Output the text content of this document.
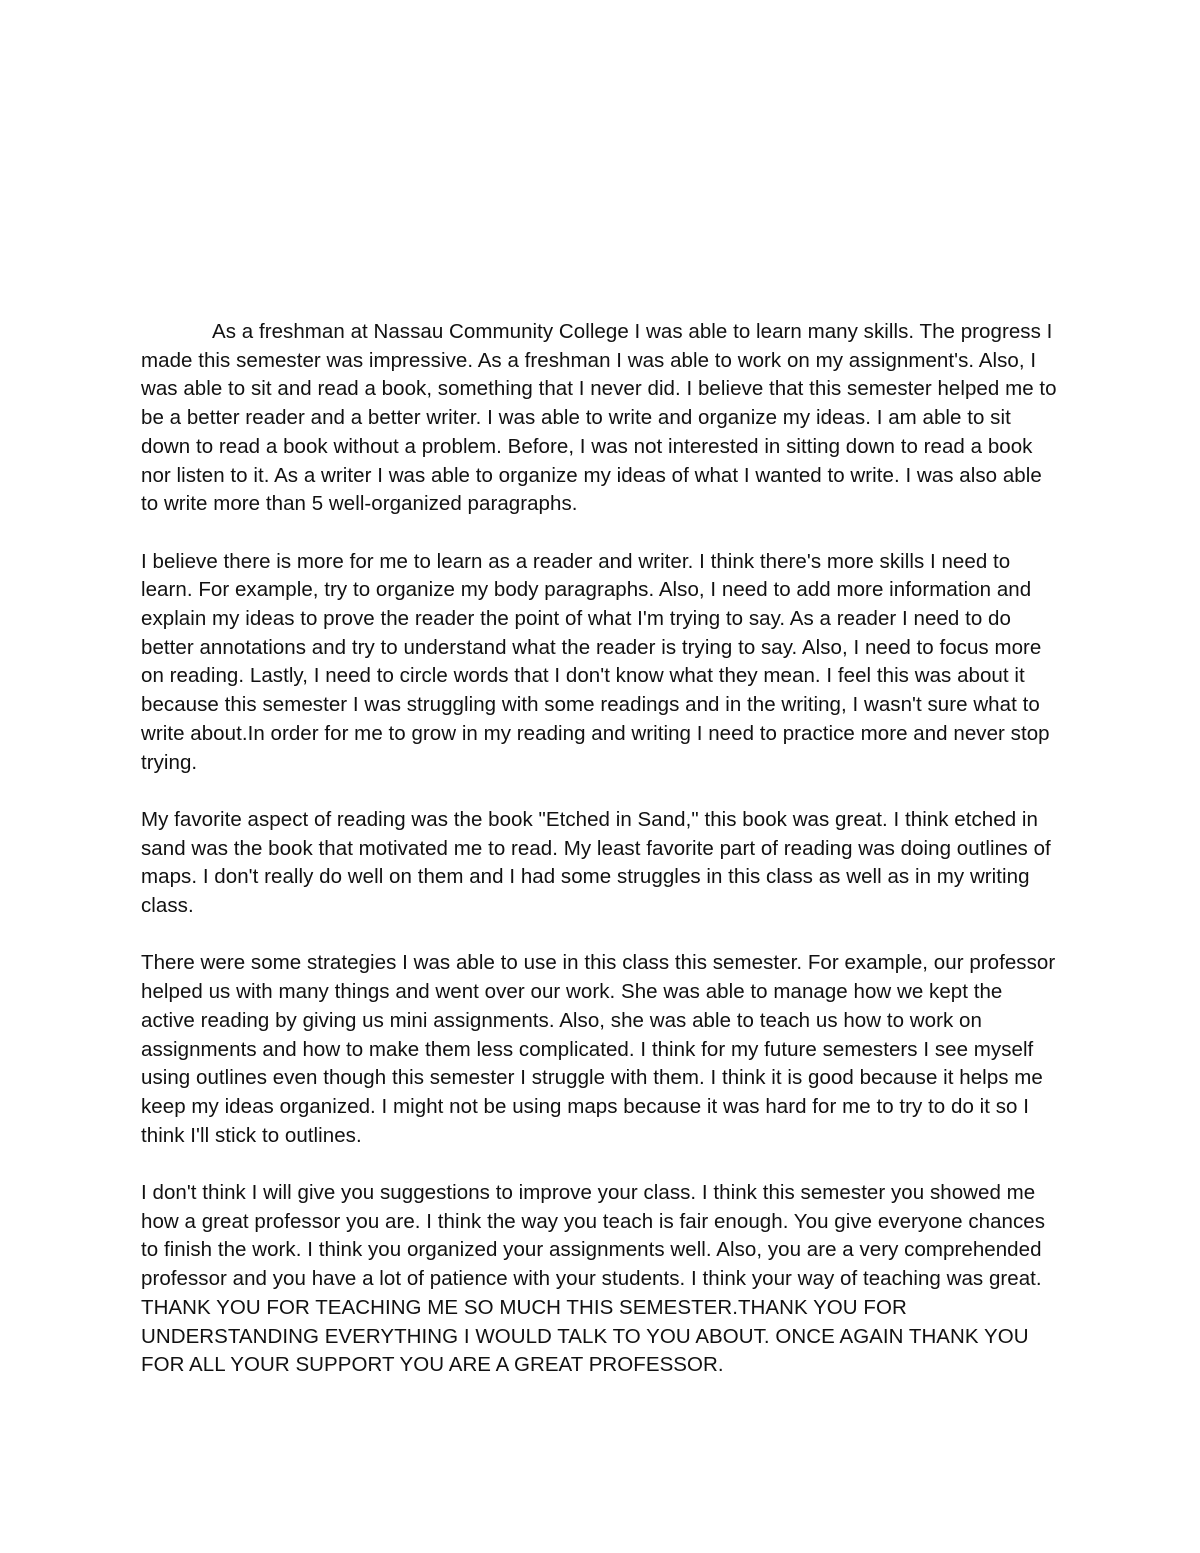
As a freshman at Nassau Community College I was able to learn many skills. The progress I made this semester was impressive. As a freshman I was able to work on my assignment's. Also, I was able to sit and read a book, something that I never did. I believe that this semester helped me to be a better reader and a better writer. I was able to write and organize my ideas. I am able to sit down to read a book without a problem. Before, I was not interested in sitting down to read a book nor listen to it. As a writer I was able to organize my ideas of what I wanted to write. I was also able to write more than 5 well-organized paragraphs.

I believe there is more for me to learn as a reader and writer. I think there's more skills I need to learn. For example, try to organize my body paragraphs. Also, I need to add more information and explain my ideas to prove the reader the point of what I'm trying to say. As a reader I need to do better annotations and try to understand what the reader is trying to say. Also, I need to focus more on reading. Lastly, I need to circle words that I don't know what they mean. I feel this was about it because this semester I was struggling with some readings and in the writing, I wasn't sure what to write about.In order for me to grow in my reading and writing I need to practice more and never stop trying.

My favorite aspect of reading was the book "Etched in Sand," this book was great. I think etched in sand was the book that motivated me to read. My least favorite part of reading was doing outlines of maps. I don't really do well on them and I had some struggles in this class as well as in my writing class.

There were some strategies I was able to use in this class this semester. For example, our professor helped us with many things and went over our work. She was able to manage how we kept the active reading by giving us mini assignments. Also, she was able to teach us how to work on assignments and how to make them less complicated. I think for my future semesters I see myself using outlines even though this semester I struggle with them. I think it is good because it helps me keep my ideas organized. I might not be using maps because it was hard for me to try to do it so I think I'll stick to outlines.

I don't think I will give you suggestions to improve your class. I think this semester you showed me how a great professor you are. I think the way you teach is fair enough. You give everyone chances to finish the work. I think you organized your assignments well. Also, you are a very comprehended professor and you have a lot of patience with your students. I think your way of teaching was great. THANK YOU FOR TEACHING ME SO MUCH THIS SEMESTER.THANK YOU FOR UNDERSTANDING EVERYTHING I WOULD TALK TO YOU ABOUT. ONCE AGAIN THANK YOU FOR ALL YOUR SUPPORT YOU ARE A GREAT PROFESSOR.
